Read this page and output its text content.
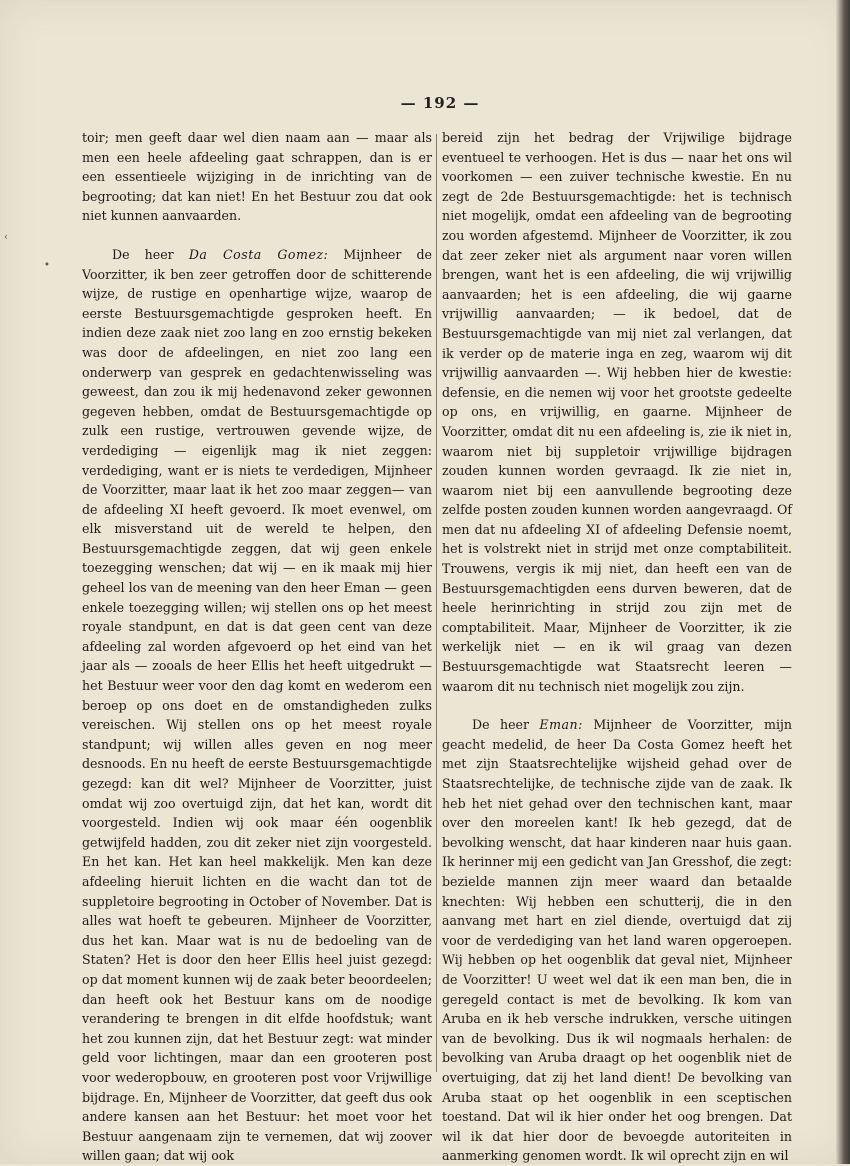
— 192 —
‹
•

toir; men geeft daar wel dien naam aan — maar als men een heele afdeeling gaat schrappen, dan is er een essentieele wijziging in de inrichting van de begrooting; dat kan niet! En het Bestuur zou dat ook niet kunnen aanvaarden.

De heer Da Costa Gomez: Mijnheer de Voorzitter, ik ben zeer getroffen door de schitterende wijze, de rustige en openhartige wijze, waarop de eerste Bestuursgemachtigde gesproken heeft. En indien deze zaak niet zoo lang en zoo ernstig bekeken was door de afdeelingen, en niet zoo lang een onderwerp van gesprek en gedachtenwisseling was geweest, dan zou ik mij hedenavond zeker gewonnen gegeven hebben, omdat de Bestuursgemachtigde op zulk een rustige, vertrouwen gevende wijze, de verdediging — eigenlijk mag ik niet zeggen: verdediging, want er is niets te verdedigen, Mijnheer de Voorzitter, maar laat ik het zoo maar zeggen— van de afdeeling XI heeft gevoerd. Ik moet evenwel, om elk misverstand uit de wereld te helpen, den Bestuursgemachtigde zeggen, dat wij geen enkele toezegging wenschen; dat wij — en ik maak mij hier geheel los van de meening van den heer Eman — geen enkele toezegging willen; wij stellen ons op het meest royale standpunt, en dat is dat geen cent van deze afdeeling zal worden afgevoerd op het eind van het jaar als — zooals de heer Ellis het heeft uitgedrukt — het Bestuur weer voor den dag komt en wederom een beroep op ons doet en de omstandigheden zulks vereischen. Wij stellen ons op het meest royale standpunt; wij willen alles geven en nog meer desnoods. En nu heeft de eerste Bestuursgemachtigde gezegd: kan dit wel? Mijnheer de Voorzitter, juist omdat wij zoo overtuigd zijn, dat het kan, wordt dit voorgesteld. Indien wij ook maar één oogenblik getwijfeld hadden, zou dit zeker niet zijn voorgesteld. En het kan. Het kan heel makkelijk. Men kan deze afdeeling hieruit lichten en die wacht dan tot de suppletoire begrooting in October of November. Dat is alles wat hoeft te gebeuren. Mijnheer de Voorzitter, dus het kan. Maar wat is nu de bedoeling van de Staten? Het is door den heer Ellis heel juist gezegd: op dat moment kunnen wij de zaak beter beoordeelen; dan heeft ook het Bestuur kans om de noodige verandering te brengen in dit elfde hoofdstuk; want het zou kunnen zijn, dat het Bestuur zegt: wat minder geld voor lichtingen, maar dan een grooteren post voor wederopbouw, en grooteren post voor Vrijwillige bijdrage. En, Mijnheer de Voorzitter, dat geeft dus ook andere kansen aan het Bestuur: het moet voor het Bestuur aangenaam zijn te vernemen, dat wij zoover willen gaan; dat wij ook

bereid zijn het bedrag der Vrijwilige bijdrage eventueel te verhoogen. Het is dus — naar het ons wil voorkomen — een zuiver technische kwestie. En nu zegt de 2de Bestuursgemachtigde: het is technisch niet mogelijk, omdat een afdeeling van de begrooting zou worden afgestemd. Mijnheer de Voorzitter, ik zou dat zeer zeker niet als argument naar voren willen brengen, want het is een afdeeling, die wij vrijwillig aanvaarden; het is een afdeeling, die wij gaarne vrijwillig aanvaarden; — ik bedoel, dat de Bestuursgemachtigde van mij niet zal verlangen, dat ik verder op de materie inga en zeg, waarom wij dit vrijwillig aanvaarden —. Wij hebben hier de kwestie: defensie, en die nemen wij voor het grootste gedeelte op ons, en vrijwillig, en gaarne. Mijnheer de Voorzitter, omdat dit nu een afdeeling is, zie ik niet in, waarom niet bij suppletoir vrijwillige bijdragen zouden kunnen worden gevraagd. Ik zie niet in, waarom niet bij een aanvullende begrooting deze zelfde posten zouden kunnen worden aangevraagd. Of men dat nu afdeeling XI of afdeeling Defensie noemt, het is volstrekt niet in strijd met onze comptabiliteit. Trouwens, vergis ik mij niet, dan heeft een van de Bestuursgemachtigden eens durven beweren, dat de heele herinrichting in strijd zou zijn met de comptabiliteit. Maar, Mijnheer de Voorzitter, ik zie werkelijk niet — en ik wil graag van dezen Bestuursgemachtigde wat Staatsrecht leeren — waarom dit nu technisch niet mogelijk zou zijn.

De heer Eman: Mijnheer de Voorzitter, mijn geacht medelid, de heer Da Costa Gomez heeft het met zijn Staatsrechtelijke wijsheid gehad over de Staatsrechtelijke, de technische zijde van de zaak. Ik heb het niet gehad over den technischen kant, maar over den moreelen kant! Ik heb gezegd, dat de bevolking wenscht, dat haar kinderen naar huis gaan. Ik herinner mij een gedicht van Jan Gresshof, die zegt: bezielde mannen zijn meer waard dan betaalde knechten: Wij hebben een schutterij, die in den aanvang met hart en ziel diende, overtuigd dat zij voor de verdediging van het land waren opgeroepen. Wij hebben op het oogenblik dat geval niet, Mijnheer de Voorzitter! U weet wel dat ik een man ben, die in geregeld contact is met de bevolking. Ik kom van Aruba en ik heb versche indrukken, versche uitingen van de bevolking. Dus ik wil nogmaals herhalen: de bevolking van Aruba draagt op het oogenblik niet de overtuiging, dat zij het land dient! De bevolking van Aruba staat op het oogenblik in een sceptischen toestand. Dat wil ik hier onder het oog brengen. Dat wil ik dat hier door de bevoegde autoriteiten in aanmerking genomen wordt. Ik wil oprecht zijn en wil
